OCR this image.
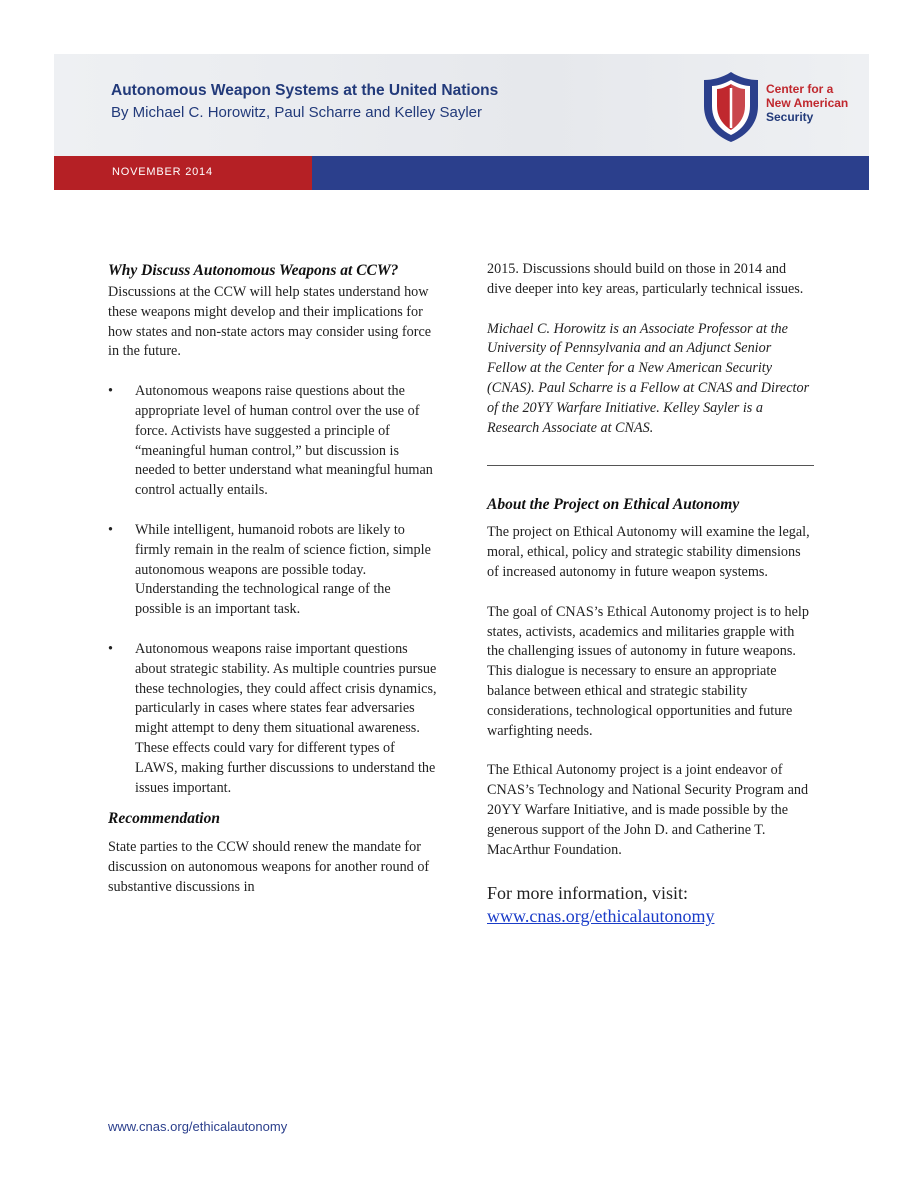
Autonomous Weapon Systems at the United Nations
By Michael C. Horowitz, Paul Scharre and Kelley Sayler
Center for a
New American
Security
NOVEMBER 2014
Why Discuss Autonomous Weapons at CCW?

Discussions at the CCW will help states understand how these weapons might develop and their implications for how states and non-state actors may consider using force in the future.

• Autonomous weapons raise questions about the appropriate level of human control over the use of force. Activists have suggested a principle of “meaningful human control,” but discussion is needed to better understand what meaningful human control actually entails.
• While intelligent, humanoid robots are likely to firmly remain in the realm of science fiction, simple autonomous weapons are possible today. Understanding the technological range of the possible is an important task.
• Autonomous weapons raise important questions about strategic stability. As multiple countries pursue these technologies, they could affect crisis dynamics, particularly in cases where states fear adversaries might attempt to deny them situational awareness. These effects could vary for different types of LAWS, making further discussions to understand the issues important.
Recommendation

State parties to the CCW should renew the mandate for discussion on autonomous weapons for another round of substantive discussions in

2015. Discussions should build on those in 2014 and dive deeper into key areas, particularly technical issues.

Michael C. Horowitz is an Associate Professor at the University of Pennsylvania and an Adjunct Senior Fellow at the Center for a New American Security (CNAS). Paul Scharre is a Fellow at CNAS and Director of the 20YY Warfare Initiative. Kelley Sayler is a Research Associate at CNAS.

About the Project on Ethical Autonomy

The project on Ethical Autonomy will examine the legal, moral, ethical, policy and strategic stability dimensions of increased autonomy in future weapon systems.

The goal of CNAS’s Ethical Autonomy project is to help states, activists, academics and militaries grapple with the challenging issues of autonomy in future weapons. This dialogue is necessary to ensure an appropriate balance between ethical and strategic stability considerations, technological opportunities and future warfighting needs.

The Ethical Autonomy project is a joint endeavor of CNAS’s Technology and National Security Program and 20YY Warfare Initiative, and is made possible by the generous support of the John D. and Catherine T. MacArthur Foundation.

For more information, visit:
www.cnas.org/ethicalautonomy
www.cnas.org/ethicalautonomy
